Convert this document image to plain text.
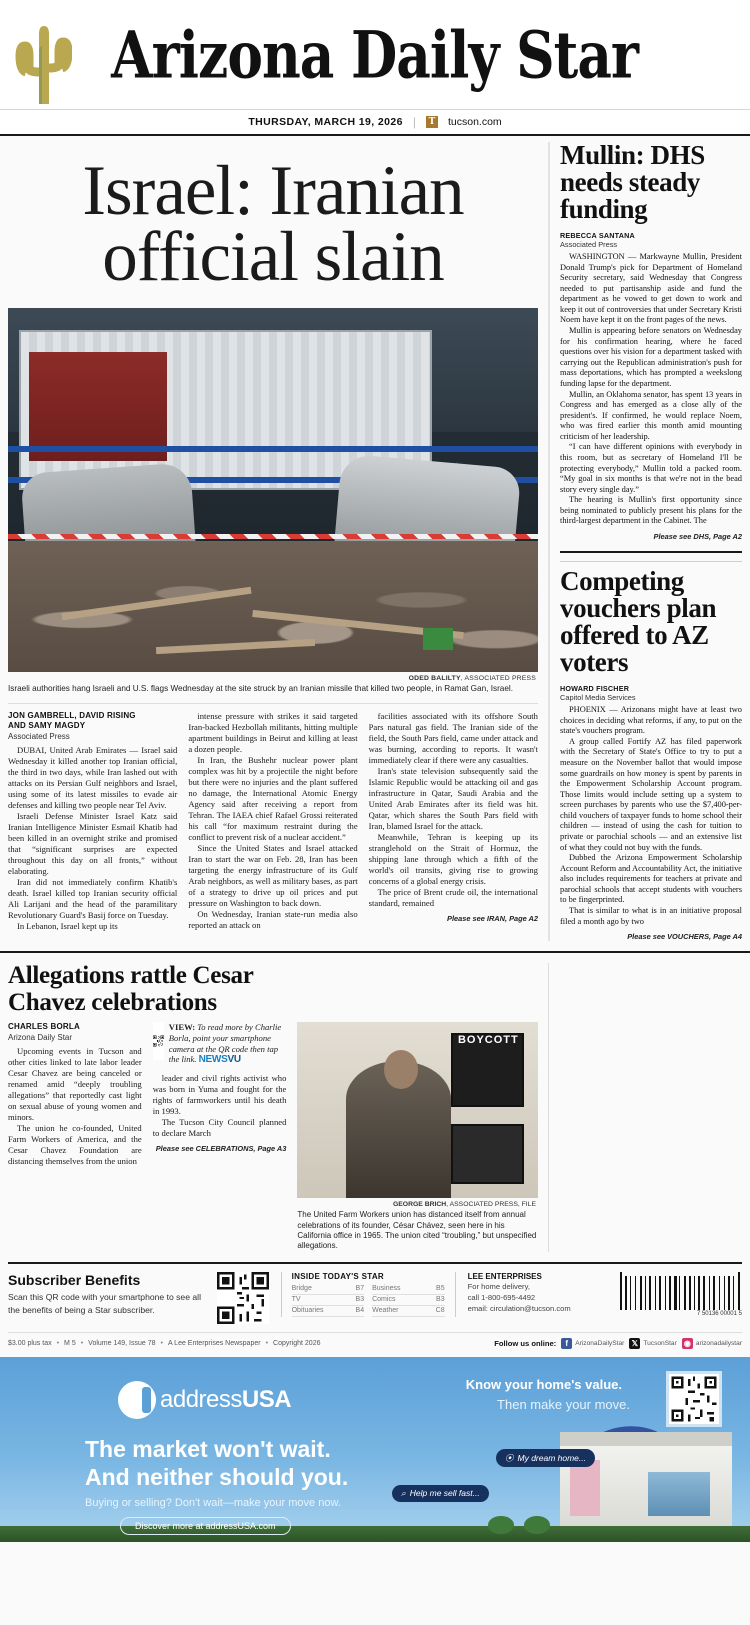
Arizona Daily Star
THURSDAY, MARCH 19, 2026 | T tucson.com
Israel: Iranian
official slain
ODED BALILTY, ASSOCIATED PRESS
Israeli authorities hang Israeli and U.S. flags Wednesday at the site struck by an Iranian missile that killed two people, in Ramat Gan, Israel.
JON GAMBRELL, DAVID RISING
AND SAMY MAGDY
Associated Press

DUBAI, United Arab Emirates — Israel said Wednesday it killed another top Iranian official, the third in two days, while Iran lashed out with attacks on its Persian Gulf neighbors and Israel, using some of its latest missiles to evade air defenses and killing two people near Tel Aviv.

Israeli Defense Minister Israel Katz said Iranian Intelligence Minister Esmail Khatib had been killed in an overnight strike and promised that “significant surprises are expected throughout this day on all fronts,” without elaborating.

Iran did not immediately confirm Khatib's death. Israel killed top Iranian security official Ali Larijani and the head of the paramilitary Revolutionary Guard's Basij force on Tuesday.

In Lebanon, Israel kept up its

intense pressure with strikes it said targeted Iran-backed Hezbollah militants, hitting multiple apartment buildings in Beirut and killing at least a dozen people.

In Iran, the Bushehr nuclear power plant complex was hit by a projectile the night before but there were no injuries and the plant suffered no damage, the International Atomic Energy Agency said after receiving a report from Tehran. The IAEA chief Rafael Grossi reiterated his call “for maximum restraint during the conflict to prevent risk of a nuclear accident.”

Since the United States and Israel attacked Iran to start the war on Feb. 28, Iran has been targeting the energy infrastructure of its Gulf Arab neighbors, as well as military bases, as part of a strategy to drive up oil prices and put pressure on Washington to back down.

On Wednesday, Iranian state-run media also reported an attack on

facilities associated with its offshore South Pars natural gas field. The Iranian side of the field, the South Pars field, came under attack and was burning, according to reports. It wasn't immediately clear if there were any casualties.

Iran's state television subsequently said the Islamic Republic would be attacking oil and gas infrastructure in Qatar, Saudi Arabia and the United Arab Emirates after its field was hit. Qatar, which shares the South Pars field with Iran, blamed Israel for the attack.

Meanwhile, Tehran is keeping up its stranglehold on the Strait of Hormuz, the shipping lane through which a fifth of the world's oil transits, giving rise to growing concerns of a global energy crisis.

The price of Brent crude oil, the international standard, remained

Please see IRAN, Page A2
Mullin: DHS needs steady funding
REBECCA SANTANA
Associated Press

WASHINGTON — Markwayne Mullin, President Donald Trump's pick for Department of Homeland Security secretary, said Wednesday that Congress needed to put partisanship aside and fund the department as he vowed to get down to work and keep it out of controversies that under Secretary Kristi Noem have kept it on the front pages of the news.

Mullin is appearing before senators on Wednesday for his confirmation hearing, where he faced questions over his vision for a department tasked with carrying out the Republican administration's push for mass deportations, which has prompted a weekslong funding lapse for the department.

Mullin, an Oklahoma senator, has spent 13 years in Congress and has emerged as a close ally of the president's. If confirmed, he would replace Noem, who was fired earlier this month amid mounting criticism of her leadership.

“I can have different opinions with everybody in this room, but as secretary of Homeland I'll be protecting everybody,” Mullin told a packed room. “My goal in six months is that we're not in the bead story every single day.”

The hearing is Mullin's first opportunity since being nominated to publicly present his plans for the third-largest department in the Cabinet. The

Please see DHS, Page A2
Competing vouchers plan offered to AZ voters
HOWARD FISCHER
Capitol Media Services

PHOENIX — Arizonans might have at least two choices in deciding what reforms, if any, to put on the state's vouchers program.

A group called Fortify AZ has filed paperwork with the Secretary of State's Office to try to put a measure on the November ballot that would impose some guardrails on how money is spent by parents in the Empowerment Scholarship Account program. Those limits would include setting up a system to screen purchases by parents who use the $7,400-per-child vouchers of taxpayer funds to home school their children — instead of using the cash for tuition to private or parochial schools — and an extensive list of what they could not buy with the funds.

Dubbed the Arizona Empowerment Scholarship Account Reform and Accountability Act, the initiative also includes requirements for teachers at private and parochial schools that accept students with vouchers to be fingerprinted.

That is similar to what is in an initiative proposal filed a month ago by two

Please see VOUCHERS, Page A4
Allegations rattle Cesar
Chavez celebrations
CHARLES BORLA
Arizona Daily Star

Upcoming events in Tucson and other cities linked to late labor leader Cesar Chavez are being canceled or renamed amid “deeply troubling allegations” that reportedly cast light on sexual abuse of young women and minors.

The union he co-founded, United Farm Workers of America, and the Cesar Chavez Foundation are distancing themselves from the union

VIEW: To read more by Charlie Borla, point your smartphone camera at the QR code then tap the link. NEWSVU

leader and civil rights activist who was born in Yuma and fought for the rights of farmworkers until his death in 1993.

The Tucson City Council planned to declare March

Please see CELEBRATIONS, Page A3
BOYCOTT
GEORGE BRICH, ASSOCIATED PRESS, FILE
The United Farm Workers union has distanced itself from annual celebrations of its founder, César Chávez, seen here in his California office in 1965. The union cited “troubling,” but unspecified allegations.
Subscriber Benefits
Scan this QR code with your smartphone to see all the benefits of being a Star subscriber.
INSIDE TODAY'S STAR
Bridge	B7
TV	B3
Obituaries	B4
Business	B5
Comics	B3
Weather	C8
LEE ENTERPRISES
For home delivery,
call 1-800-695-4492
email: circulation@tucson.com
7 50136 00001 5
$3.00 plus tax • M 5 • Volume 149, Issue 78 • A Lee Enterprises Newspaper • Copyright 2026	Follow us online:	f	ArizonaDailyStar 𝕏 TucsonStar ◉ arizonadailystar
addressUSA
The market won't wait.
And neither should you.
Buying or selling? Don't wait—make your move now.
Discover more at addressUSA.com
Know your home's value.
Then make your move.
⦿ My dream home...
⌕ Help me sell fast...
